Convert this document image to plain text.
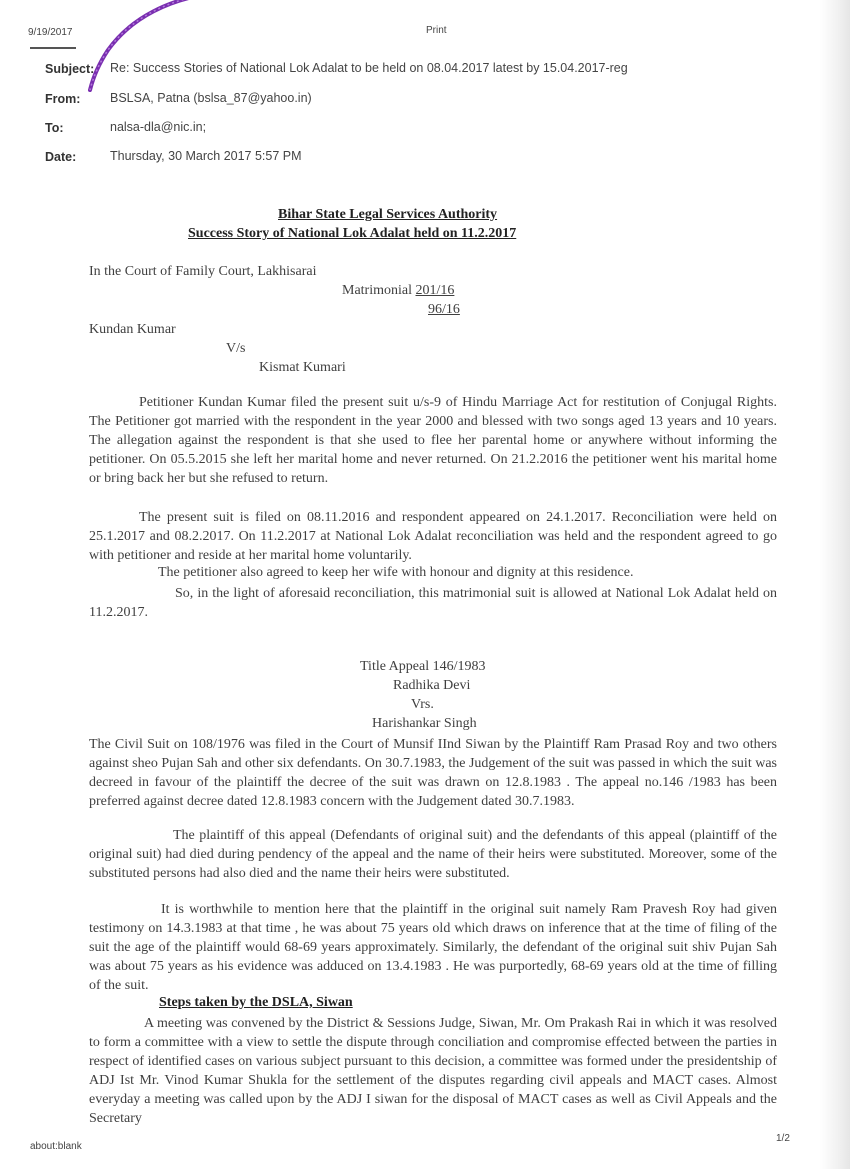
9/19/2017	Print
Subject: Re: Success Stories of National Lok Adalat to be held on 08.04.2017 latest by 15.04.2017-reg
From: BSLSA, Patna (bslsa_87@yahoo.in)
To:	nalsa-dla@nic.in;
Date:	Thursday, 30 March 2017 5:57 PM
Bihar State Legal Services Authority
Success Story of National Lok Adalat held on 11.2.2017
In the Court of Family Court, Lakhisarai
Matrimonial 201/16
96/16
Kundan Kumar
V/s
Kismat Kumari
Petitioner Kundan Kumar filed the present suit u/s-9 of Hindu Marriage Act for restitution of Conjugal Rights. The Petitioner got married with the respondent in the year 2000 and blessed with two songs aged 13 years and 10 years. The allegation against the respondent is that she used to flee her parental home or anywhere without informing the petitioner. On 05.5.2015 she left her marital home and never returned. On 21.2.2016 the petitioner went his marital home or bring back her but she refused to return.
The present suit is filed on 08.11.2016 and respondent appeared on 24.1.2017. Reconciliation were held on 25.1.2017 and 08.2.2017. On 11.2.2017 at National Lok Adalat reconciliation was held and the respondent agreed to go with petitioner and reside at her marital home voluntarily.
The petitioner also agreed to keep her wife with honour and dignity at this residence.
So, in the light of aforesaid reconciliation, this matrimonial suit is allowed at National Lok Adalat held on 11.2.2017.
Title Appeal 146/1983
Radhika Devi
Vrs.
Harishankar Singh
The Civil Suit on 108/1976 was filed in the Court of Munsif IInd Siwan by the Plaintiff Ram Prasad Roy and two others against sheo Pujan Sah and other six defendants. On 30.7.1983, the Judgement of the suit was passed in which the suit was decreed in favour of the plaintiff the decree of the suit was drawn on 12.8.1983 . The appeal no.146 /1983 has been preferred against decree dated 12.8.1983 concern with the Judgement dated 30.7.1983.
The plaintiff of this appeal (Defendants of original suit) and the defendants of this appeal (plaintiff of the original suit) had died during pendency of the appeal and the name of their heirs were substituted. Moreover, some of the substituted persons had also died and the name their heirs were substituted.
It is worthwhile to mention here that the plaintiff in the original suit namely Ram Pravesh Roy had given testimony on 14.3.1983 at that time , he was about 75 years old which draws on inference that at the time of filing of the suit the age of the plaintiff would 68-69 years approximately. Similarly, the defendant of the original suit shiv Pujan Sah was about 75 years as his evidence was adduced on 13.4.1983 . He was purportedly, 68-69 years old at the time of filling of the suit.
Steps taken by the DSLA, Siwan
A meeting was convened by the District & Sessions Judge, Siwan, Mr. Om Prakash Rai in which it was resolved to form a committee with a view to settle the dispute through conciliation and compromise effected between the parties in respect of identified cases on various subject pursuant to this decision, a committee was formed under the presidentship of ADJ Ist Mr. Vinod Kumar Shukla for the settlement of the disputes regarding civil appeals and MACT cases. Almost everyday a meeting was called upon by the ADJ I siwan for the disposal of MACT cases as well as Civil Appeals and the Secretary
about:blank
1/2
